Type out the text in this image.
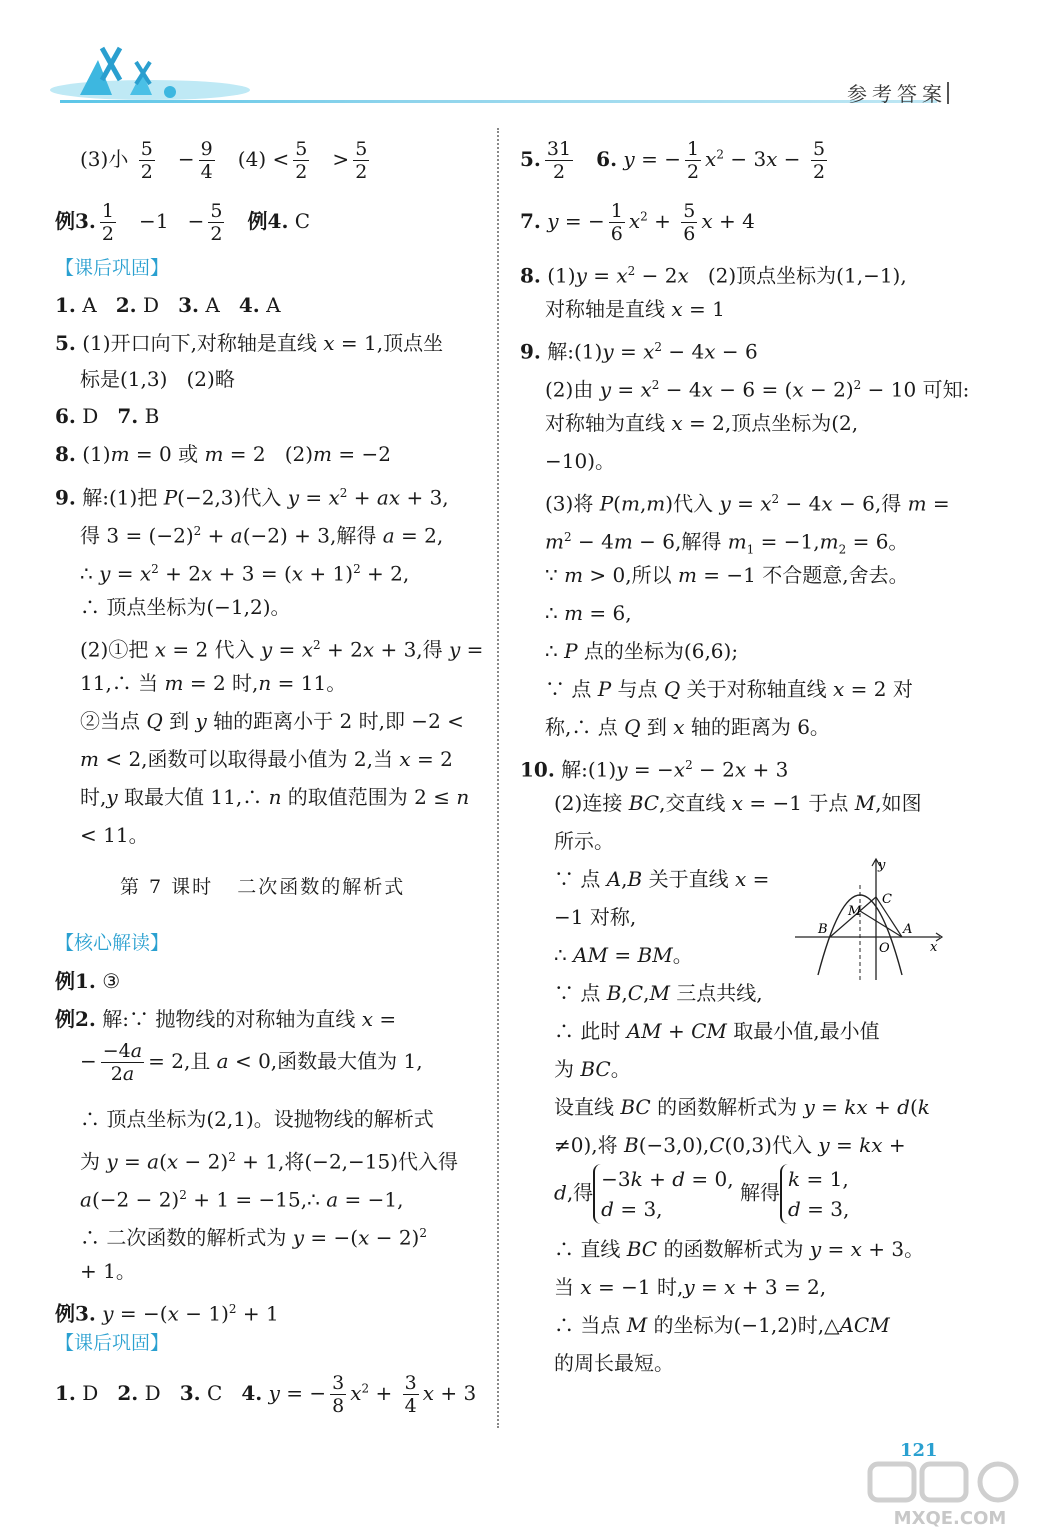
参考答案
(3)小 $\frac{5}{2} - \frac{9}{4} (4) < \frac{5}{2} > \frac{5}{2}$
例3. $\frac{1}{2} -1 - \frac{5}{2}$ 例4. C
【课后巩固】
1. A   2. D   3. A   4. A
5. (1)开口向下,对称轴是直线 x = 1,顶点坐
标是(1,3)   (2)略
6. D   7. B
8. (1)m = 0 或 m = 2   (2)m = −2
9. 解:(1)把 P(−2,3)代入 $y = x^2$ + ax + 3,
得 $3 = (-2)^2 + a(-2) + 3$,解得 a = 2,
∴ $y = x^2 + 2x + 3 = (x + 1)^2 + 2$,
∴ 顶点坐标为(−1,2)。
(2)①把 x = 2 代入 $y = x^2 + 2x + 3$,得 y =
11,∴ 当 m = 2 时,n = 11。
②当点 Q 到 y 轴的距离小于 2 时,即 −2 <
m < 2,函数可以取得最小值为 2,当 x = 2
时,y 取最大值 11,∴ n 的取值范围为 2 ≤ n
< 11。
【核心解读】
例1. ③
例2. 解:∵ 抛物线的对称轴为直线 x =
− $\frac{-4a}{2a} = 2$,且 a < 0,函数最大值为 1,
∴ 顶点坐标为(2,1)。设抛物线的解析式
为 $y = a(x - 2)^2 + 1$,将(−2,−15)代入得
$a(-2 - 2)^2 + 1$ = −15,∴ a = −1,
∴ 二次函数的解析式为 $y = -(x - 2)^2$
+ 1。
例3. $y = -(x - 1)^2 + 1$
【课后巩固】
1. D   2. D   3. C   4. y = − $\frac{3}{8} x^2 + \frac{3}{4}$ x + 3
第 7 课时   二次函数的解析式
5. $\frac{31}{2} 6$. y = − $\frac{1}{2} x^2 - 3x - \frac{5}{2}$
7. y = − $\frac{1}{6} x^2 + \frac{5}{6}$ x + 4
8. $(1)y = x^2 - 2x$   (2)顶点坐标为(1,−1),
对称轴是直线 x = 1
9. 解:(1)y = $x^2 - 4x - 6$
(2)由 $y = x^2 - 4x - 6 = (x - 2)^2 - 10$ 可知:
对称轴为直线 x = 2,顶点坐标为(2,
−10)。
(3)将 P(m,m)代入 $y = x^2 - 4x - 6$,得 m =
$m^2 - 4m - 6$,解得 $m_1 = -1,m_2 = 6$。
∵ m > 0,所以 m = −1 不合题意,舍去。
∴ m = 6,
∴ P 点的坐标为(6,6);
∵ 点 P 与点 Q 关于对称轴直线 x = 2 对
称,∴ 点 Q 到 x 轴的距离为 6。
10. 解:(1)y = $-x^2 - 2x + 3$
(2)连接 BC,交直线 x = −1 于点 M,如图
所示。
∵ 点 A,B 关于直线 x =
−1 对称,
∴ AM = BM。
∵ 点 B,C,M 三点共线,
∴ 此时 AM + CM 取最小值,最小值
为 BC。
设直线 BC 的函数解析式为 y = kx + d(k
≠0),将 B(−3,0),C(0,3)代入 y = kx +
d,得−3k + d = 0,
d = 3, 解得k = 1,
d = 3,
∴ 直线 BC 的函数解析式为 y = x + 3。
当 x = −1 时,y = x + 3 = 2,
∴ 当点 M 的坐标为(−1,2)时,△ACM
的周长最短。
y
x
C
M
B	A
O
121
MXQE.COM
